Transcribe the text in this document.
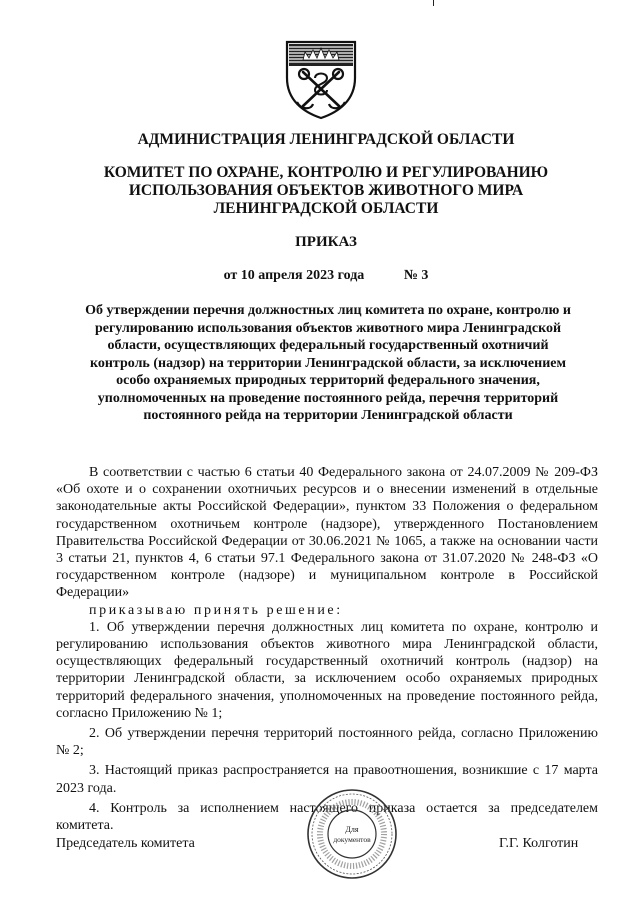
АДМИНИСТРАЦИЯ ЛЕНИНГРАДСКОЙ ОБЛАСТИ
КОМИТЕТ ПО ОХРАНЕ, КОНТРОЛЮ И РЕГУЛИРОВАНИЮ
ИСПОЛЬЗОВАНИЯ ОБЪЕКТОВ ЖИВОТНОГО МИРА
ЛЕНИНГРАДСКОЙ ОБЛАСТИ
ПРИКАЗ
от 10 апреля 2023 года	№ 3
Об утверждении перечня должностных лиц комитета по охране, контролю и
регулированию использования объектов животного мира Ленинградской
области, осуществляющих федеральный государственный охотничий
контроль (надзор) на территории Ленинградской области, за исключением
особо охраняемых природных территорий федерального значения,
уполномоченных на проведение постоянного рейда, перечня территорий
постоянного рейда на территории Ленинградской области

В соответствии с частью 6 статьи 40 Федерального закона от 24.07.2009 № 209-ФЗ «Об охоте и о сохранении охотничьих ресурсов и о внесении изменений в отдельные законодательные акты Российской Федерации», пунктом 33 Положения о федеральном государственном охотничьем контроле (надзоре), утвержденного Постановлением Правительства Российской Федерации от 30.06.2021 № 1065, а также на основании части 3 статьи 21, пунктов 4, 6 статьи 97.1 Федерального закона от 31.07.2020 № 248-ФЗ «О государственном контроле (надзоре) и муниципальном контроле в Российской Федерации»

приказываю принять решение:

1. Об утверждении перечня должностных лиц комитета по охране, контролю и регулированию использования объектов животного мира Ленинградской области, осуществляющих федеральный государственный охотничий контроль (надзор) на территории Ленинградской области, за исключением особо охраняемых природных территорий федерального значения, уполномоченных на проведение постоянного рейда, согласно Приложению № 1;

2. Об утверждении перечня территорий постоянного рейда, согласно Приложению № 2;

3. Настоящий приказ распространяется на правоотношения, возникшие с 17 марта 2023 года.

4. Контроль за исполнением настоящего приказа остается за председателем комитета.	Для
документов
Председатель комитета	Г.Г. Колготин
